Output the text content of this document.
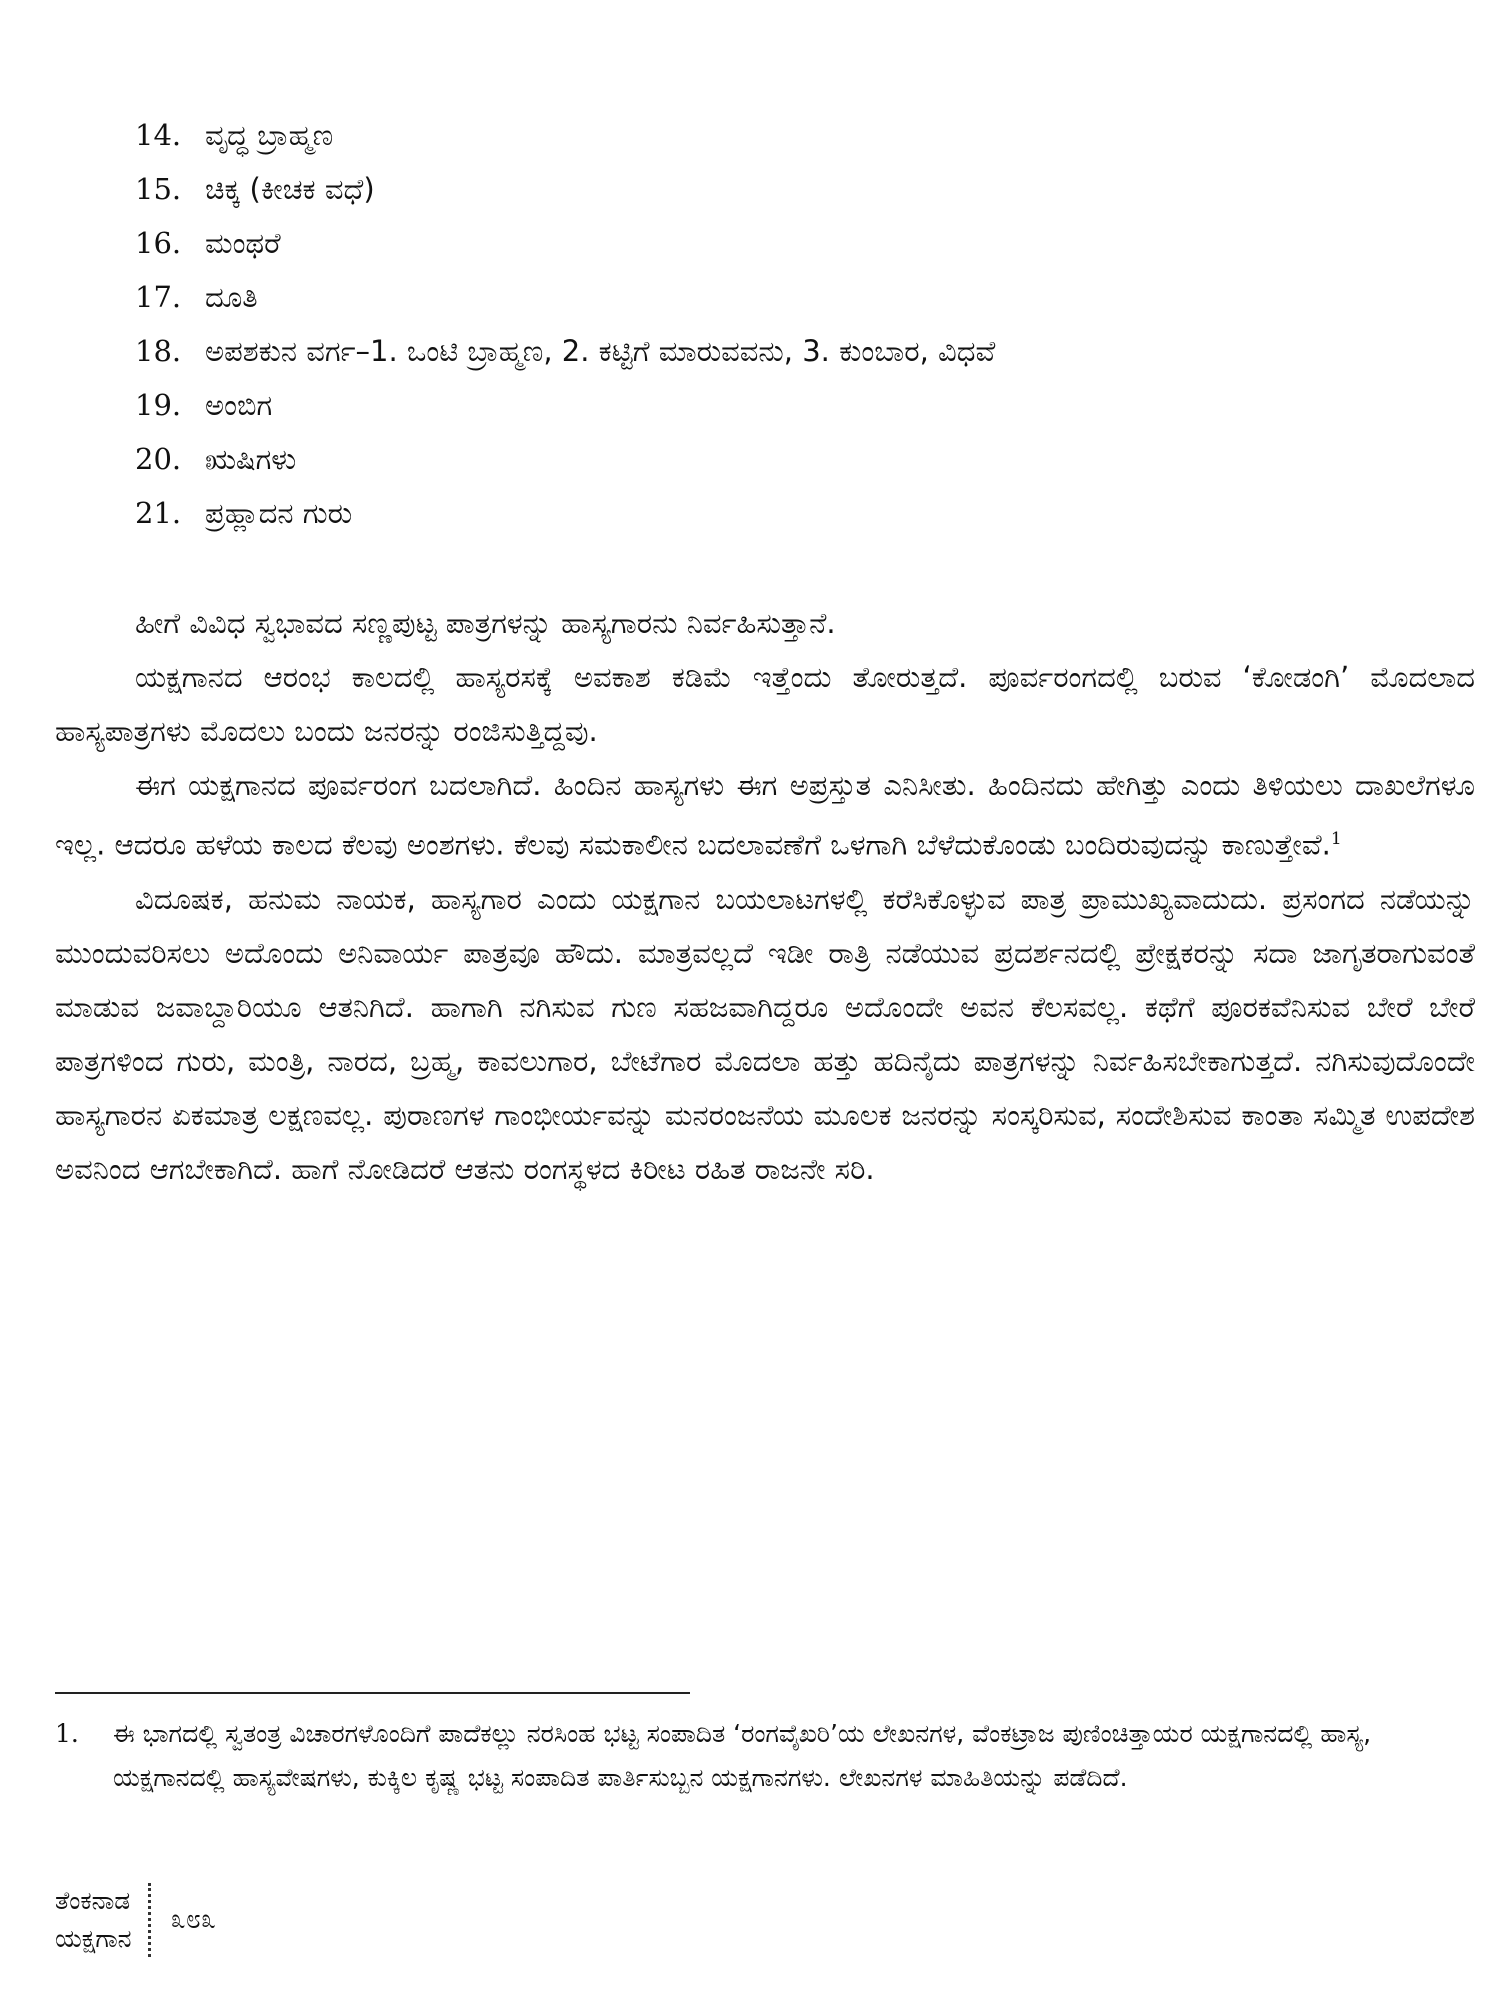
14. ವೃದ್ಧ ಬ್ರಾಹ್ಮಣ
15. ಚಿಕ್ಕ (ಕೀಚಕ ವಧೆ)
16. ಮಂಥರೆ
17. ದೂತಿ
18. ಅಪಶಕುನ ವರ್ಗ–1. ಒಂಟಿ ಬ್ರಾಹ್ಮಣ, 2. ಕಟ್ಟಿಗೆ ಮಾರುವವನು, 3. ಕುಂಬಾರ, ವಿಧವೆ
19. ಅಂಬಿಗ
20. ಋಷಿಗಳು
21. ಪ್ರಹ್ಲಾದನ ಗುರು

ಹೀಗೆ ವಿವಿಧ ಸ್ವಭಾವದ ಸಣ್ಣಪುಟ್ಟ ಪಾತ್ರಗಳನ್ನು ಹಾಸ್ಯಗಾರನು ನಿರ್ವಹಿಸುತ್ತಾನೆ.

ಯಕ್ಷಗಾನದ ಆರಂಭ ಕಾಲದಲ್ಲಿ ಹಾಸ್ಯರಸಕ್ಕೆ ಅವಕಾಶ ಕಡಿಮೆ ಇತ್ತೆಂದು ತೋರುತ್ತದೆ. ಪೂರ್ವರಂಗದಲ್ಲಿ ಬರುವ ‘ಕೋಡಂಗಿ’ ಮೊದಲಾದ ಹಾಸ್ಯಪಾತ್ರಗಳು ಮೊದಲು ಬಂದು ಜನರನ್ನು ರಂಜಿಸುತ್ತಿದ್ದವು.

ಈಗ ಯಕ್ಷಗಾನದ ಪೂರ್ವರಂಗ ಬದಲಾಗಿದೆ. ಹಿಂದಿನ ಹಾಸ್ಯಗಳು ಈಗ ಅಪ್ರಸ್ತುತ ಎನಿಸೀತು. ಹಿಂದಿನದು ಹೇಗಿತ್ತು ಎಂದು ತಿಳಿಯಲು ದಾಖಲೆಗಳೂ ಇಲ್ಲ. ಆದರೂ ಹಳೆಯ ಕಾಲದ ಕೆಲವು ಅಂಶಗಳು. ಕೆಲವು ಸಮಕಾಲೀನ ಬದಲಾವಣೆಗೆ ಒಳಗಾಗಿ ಬೆಳೆದುಕೊಂಡು ಬಂದಿರುವುದನ್ನು ಕಾಣುತ್ತೇವೆ.$^1$

ವಿದೂಷಕ, ಹನುಮ ನಾಯಕ, ಹಾಸ್ಯಗಾರ ಎಂದು ಯಕ್ಷಗಾನ ಬಯಲಾಟಗಳಲ್ಲಿ ಕರೆಸಿಕೊಳ್ಳುವ ಪಾತ್ರ ಪ್ರಾಮುಖ್ಯವಾದುದು. ಪ್ರಸಂಗದ ನಡೆಯನ್ನು ಮುಂದುವರಿಸಲು ಅದೊಂದು ಅನಿವಾರ್ಯ ಪಾತ್ರವೂ ಹೌದು. ಮಾತ್ರವಲ್ಲದೆ ಇಡೀ ರಾತ್ರಿ ನಡೆಯುವ ಪ್ರದರ್ಶನದಲ್ಲಿ ಪ್ರೇಕ್ಷಕರನ್ನು ಸದಾ ಜಾಗೃತರಾಗುವಂತೆ ಮಾಡುವ ಜವಾಬ್ದಾರಿಯೂ ಆತನಿಗಿದೆ. ಹಾಗಾಗಿ ನಗಿಸುವ ಗುಣ ಸಹಜವಾಗಿದ್ದರೂ ಅದೊಂದೇ ಅವನ ಕೆಲಸವಲ್ಲ. ಕಥೆಗೆ ಪೂರಕವೆನಿಸುವ ಬೇರೆ ಬೇರೆ ಪಾತ್ರಗಳಿಂದ ಗುರು, ಮಂತ್ರಿ, ನಾರದ, ಬ್ರಹ್ಮ, ಕಾವಲುಗಾರ, ಬೇಟೆಗಾರ ಮೊದಲಾ ಹತ್ತು ಹದಿನೈದು ಪಾತ್ರಗಳನ್ನು ನಿರ್ವಹಿಸಬೇಕಾಗುತ್ತದೆ. ನಗಿಸುವುದೊಂದೇ ಹಾಸ್ಯಗಾರನ ಏಕಮಾತ್ರ ಲಕ್ಷಣವಲ್ಲ. ಪುರಾಣಗಳ ಗಾಂಭೀರ್ಯವನ್ನು ಮನರಂಜನೆಯ ಮೂಲಕ ಜನರನ್ನು ಸಂಸ್ಕರಿಸುವ, ಸಂದೇಶಿಸುವ ಕಾಂತಾ ಸಮ್ಮಿತ ಉಪದೇಶ ಅವನಿಂದ ಆಗಬೇಕಾಗಿದೆ. ಹಾಗೆ ನೋಡಿದರೆ ಆತನು ರಂಗಸ್ಥಳದ ಕಿರೀಟ ರಹಿತ ರಾಜನೇ ಸರಿ.

1.	ಈ ಭಾಗದಲ್ಲಿ ಸ್ವತಂತ್ರ ವಿಚಾರಗಳೊಂದಿಗೆ ಪಾದೆಕಲ್ಲು ನರಸಿಂಹ ಭಟ್ಟ ಸಂಪಾದಿತ ‘ರಂಗವೈಖರಿ’ಯ ಲೇಖನಗಳ, ವೆಂಕಟ್ರಾಜ ಪುಣಿಂಚಿತ್ತಾಯರ ಯಕ್ಷಗಾನದಲ್ಲಿ ಹಾಸ್ಯ, ಯಕ್ಷಗಾನದಲ್ಲಿ ಹಾಸ್ಯವೇಷಗಳು, ಕುಕ್ಕಿಲ ಕೃಷ್ಣ ಭಟ್ಟ ಸಂಪಾದಿತ ಪಾರ್ತಿಸುಬ್ಬನ ಯಕ್ಷಗಾನಗಳು. ಲೇಖನಗಳ ಮಾಹಿತಿಯನ್ನು ಪಡೆದಿದೆ.
ತೆಂಕನಾಡ
ಯಕ್ಷಗಾನ
೩೮೩
